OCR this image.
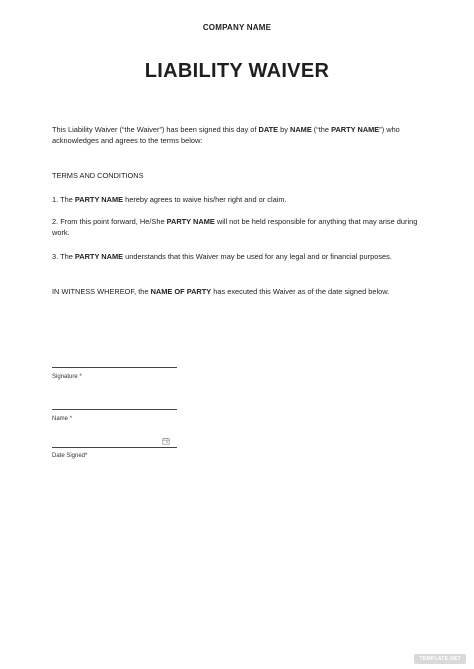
COMPANY NAME
LIABILITY WAIVER

This Liability Waiver (“the Waiver”) has been signed this day of DATE by NAME (“the PARTY NAME”) who acknowledges and agrees to the terms below:

TERMS AND CONDITIONS

1. The PARTY NAME hereby agrees to waive his/her right and or claim.

2. From this point forward, He/She PARTY NAME will not be held responsible for anything that may arise during work.

3. The PARTY NAME understands that this Waiver may be used for any legal and or financial purposes.

IN WITNESS WHEREOF, the NAME OF PARTY has executed this Waiver as of the date signed below.

Signature *
Name *
Date Signed*
TEMPLATE.NET
